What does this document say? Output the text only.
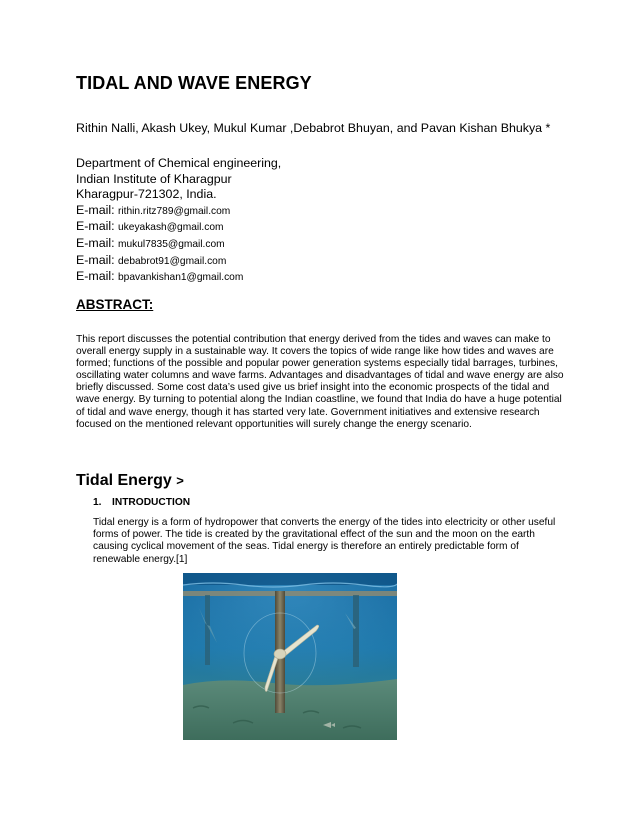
TIDAL AND WAVE ENERGY
Rithin Nalli, Akash Ukey, Mukul Kumar ,Debabrot Bhuyan, and Pavan Kishan Bhukya *
Department of Chemical engineering,
Indian Institute of Kharagpur
Kharagpur-721302, India.
E-mail: rithin.ritz789@gmail.com
E-mail: ukeyakash@gmail.com
E-mail: mukul7835@gmail.com
E-mail: debabrot91@gmail.com
E-mail: bpavankishan1@gmail.com
ABSTRACT:

This report discusses the potential contribution that energy derived from the tides and waves can make to overall energy supply in a sustainable way. It covers the topics of wide range like how tides and waves are formed; functions of the possible and popular power generation systems especially tidal barrages, turbines, oscillating water columns and wave farms. Advantages and disadvantages of tidal and wave energy are also briefly discussed. Some cost data’s used give us brief insight into the economic prospects of the tidal and wave energy. By turning to potential along the Indian coastline, we found that India do have a huge potential of tidal and wave energy, though it has started very late. Government initiatives and extensive research focused on the mentioned relevant opportunities will surely change the energy scenario.

Tidal Energy >
1. INTRODUCTION

Tidal energy is a form of hydropower that converts the energy of the tides into electricity or other useful forms of power. The tide is created by the gravitational effect of the sun and the moon on the earth causing cyclical movement of the seas. Tidal energy is therefore an entirely predictable form of renewable energy.[1]
